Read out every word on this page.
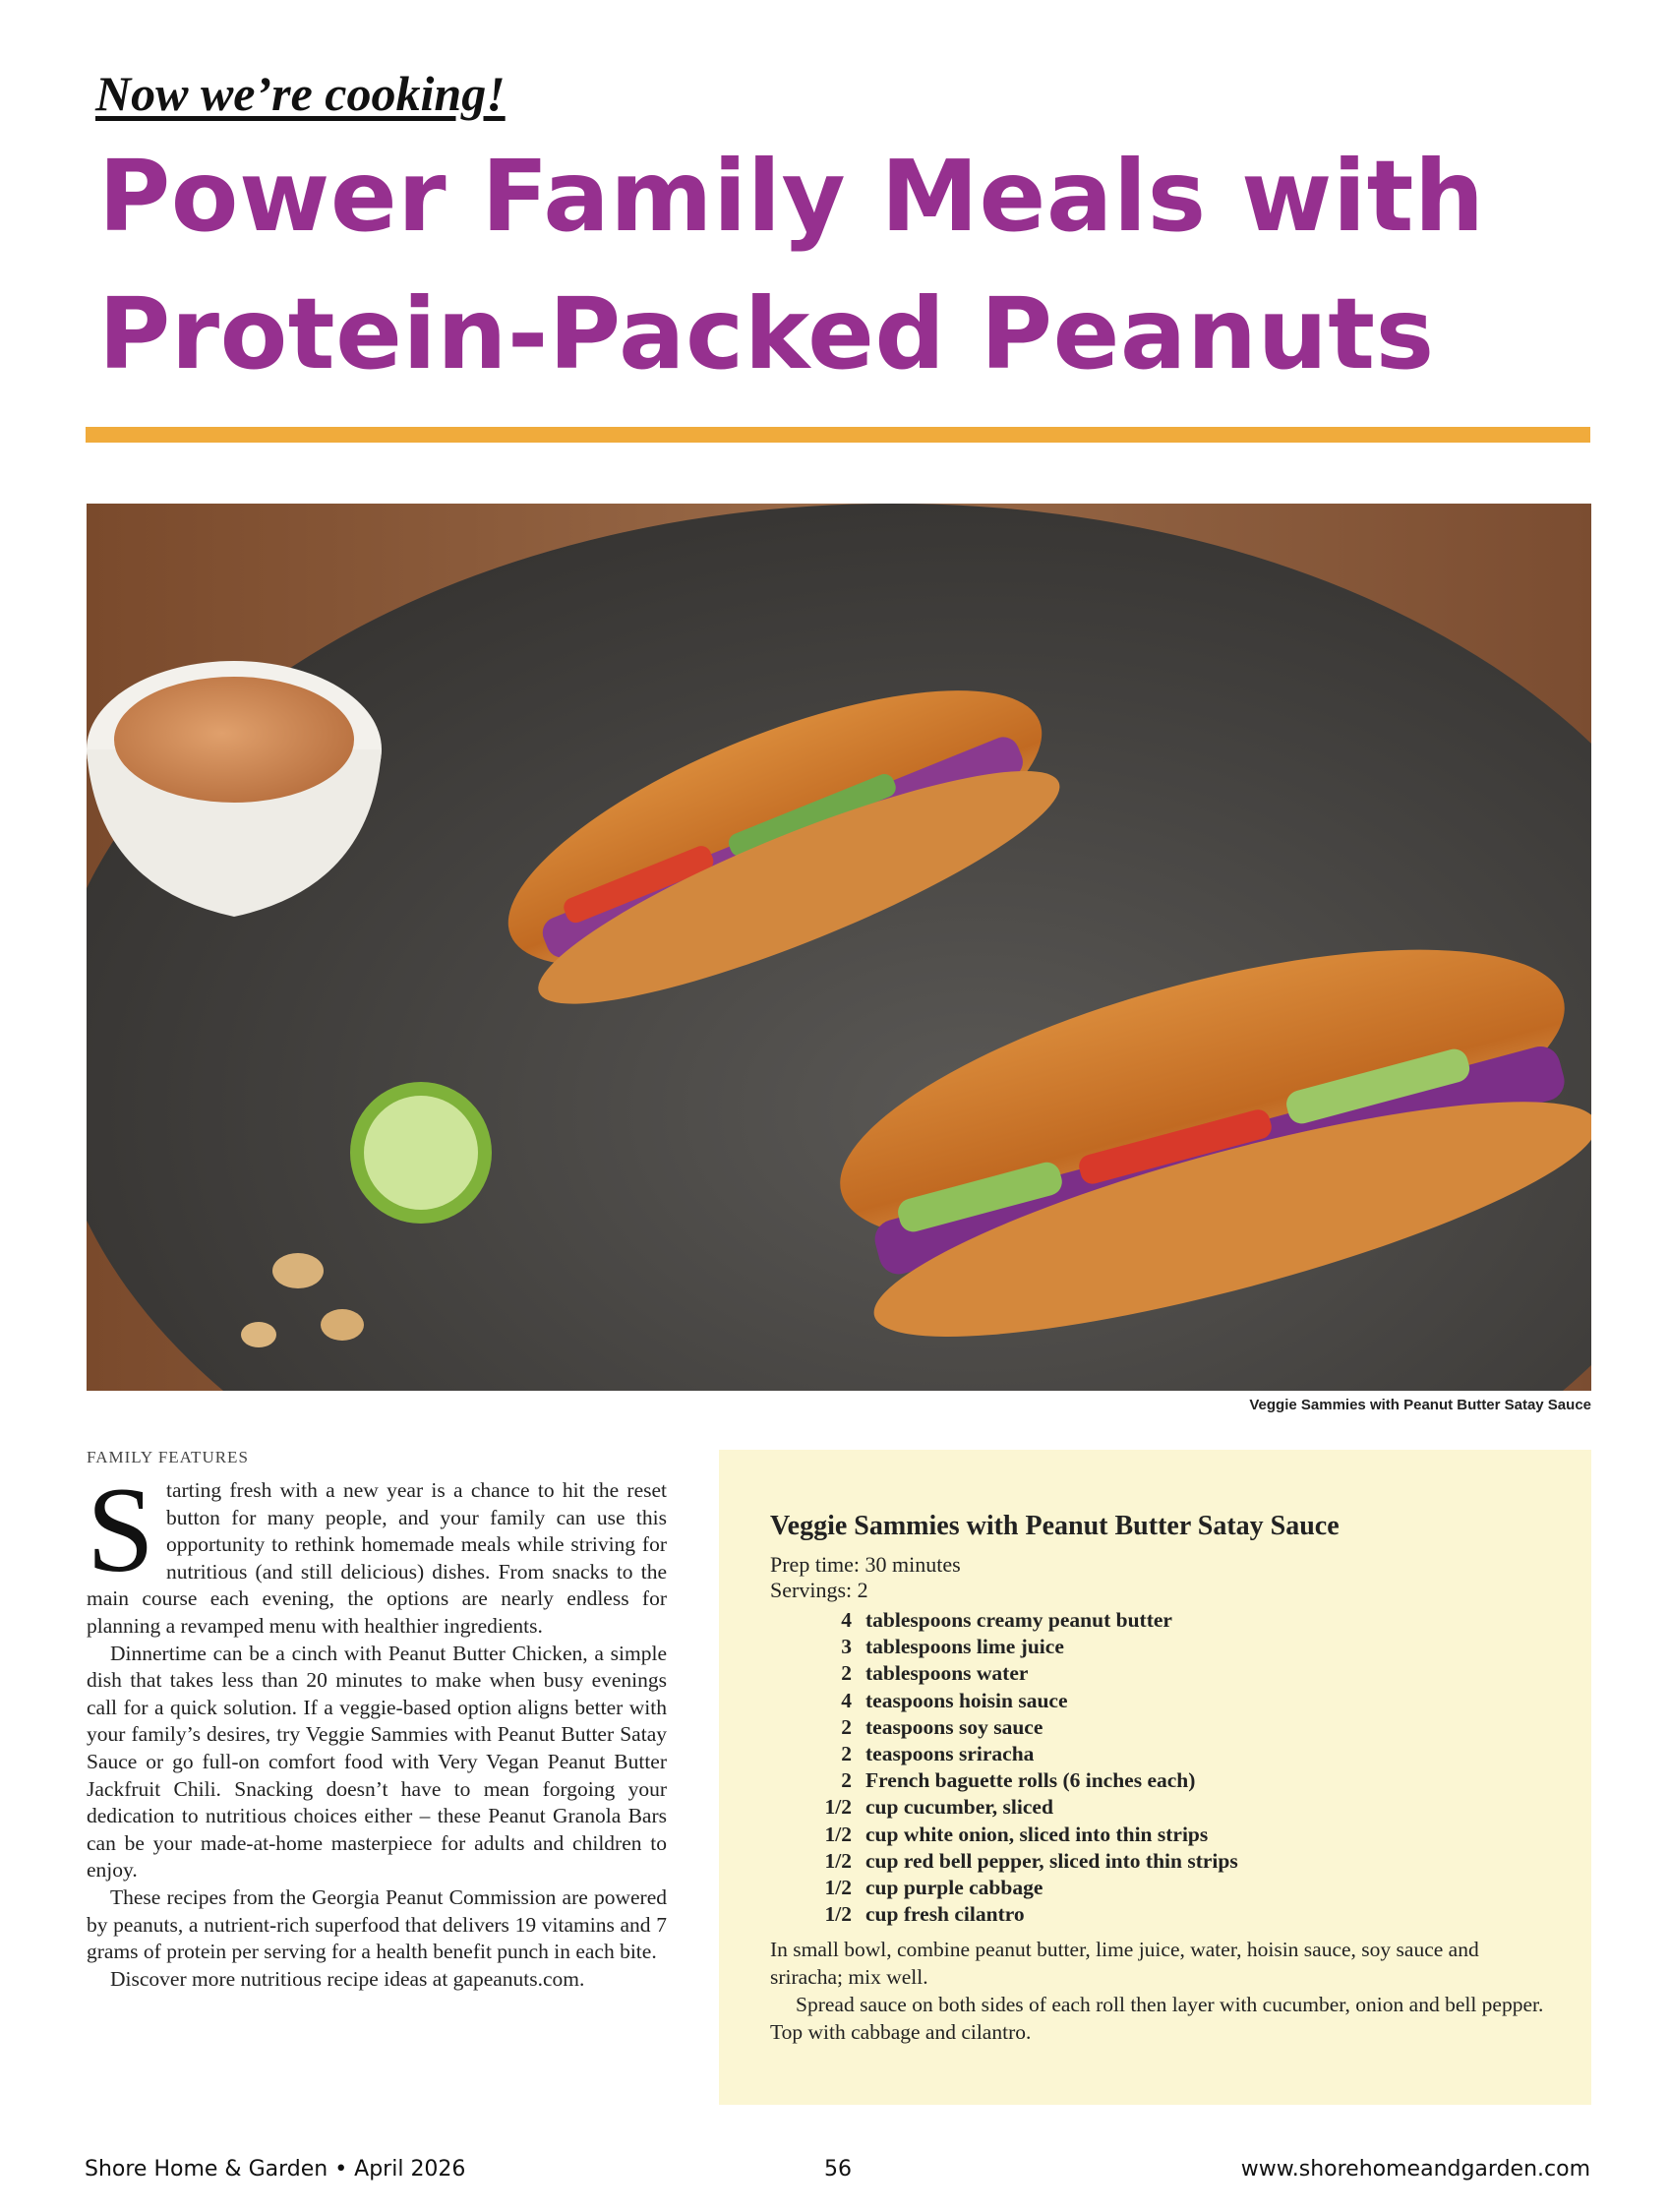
Now we’re cooking!
Power Family Meals with
Protein-Packed Peanuts
Veggie Sammies with Peanut Butter Satay Sauce
FAMILY FEATURES

Starting fresh with a new year is a chance to hit the reset button for many people, and your family can use this opportunity to rethink homemade meals while striving for nutritious (and still delicious) dishes. From snacks to the main course each evening, the options are nearly endless for planning a revamped menu with healthier ingredients.

Dinnertime can be a cinch with Peanut Butter Chicken, a simple dish that takes less than 20 minutes to make when busy evenings call for a quick solution. If a veggie-based option aligns better with your family’s desires, try Veggie Sammies with Peanut Butter Satay Sauce or go full-on comfort food with Very Vegan Peanut Butter Jackfruit Chili. Snacking doesn’t have to mean forgoing your dedication to nutritious choices either – these Peanut Granola Bars can be your made-at-home masterpiece for adults and children to enjoy.

These recipes from the Georgia Peanut Commission are powered by peanuts, a nutrient-rich superfood that delivers 19 vitamins and 7 grams of protein per serving for a health benefit punch in each bite.

Discover more nutritious recipe ideas at gapeanuts.com.

Veggie Sammies with Peanut Butter Satay Sauce
Prep time: 30 minutes
Servings: 2
4 tablespoons creamy peanut butter
3 tablespoons lime juice
2 tablespoons water
4 teaspoons hoisin sauce
2 teaspoons soy sauce
2 teaspoons sriracha
2 French baguette rolls (6 inches each)
1/2 cup cucumber, sliced
1/2 cup white onion, sliced into thin strips
1/2 cup red bell pepper, sliced into thin strips
1/2 cup purple cabbage
1/2 cup fresh cilantro

In small bowl, combine peanut butter, lime juice, water, hoisin sauce, soy sauce and sriracha; mix well.

Spread sauce on both sides of each roll then layer with cucumber, onion and bell pepper. Top with cabbage and cilantro.

Shore Home & Garden • April 2026	56	www.shorehomeandgarden.com
